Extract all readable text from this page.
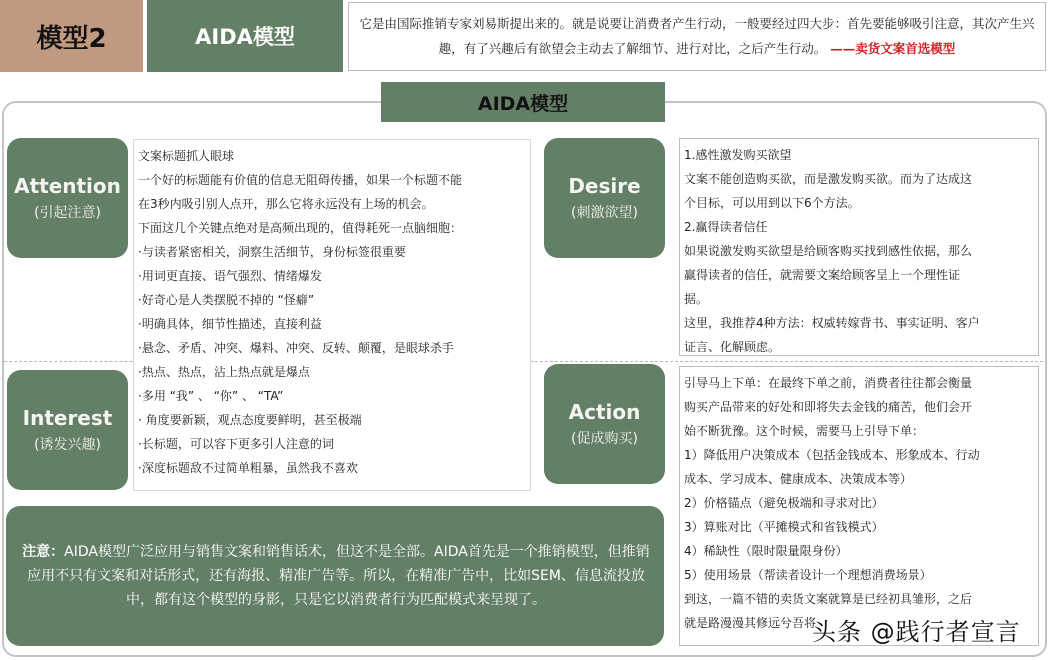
模型2	AIDA模型
它是由国际推销专家刘易斯提出来的。就是说要让消费者产生行动，一般要经过四大步：首先要能够吸引注意，其次产生兴趣，有了兴趣后有欲望会主动去了解细节、进行对比，之后产生行动。 ——卖货文案首选模型
AIDA模型
Attention
(引起注意)
Interest
(诱发兴趣)
文案标题抓人眼球
一个好的标题能有价值的信息无阻碍传播，如果一个标题不能
在3秒内吸引别人点开，那么它将永远没有上场的机会。
下面这几个关键点绝对是高频出现的，值得耗死一点脑细胞：
·与读者紧密相关，洞察生活细节，身份标签很重要
·用词更直接、语气强烈、情绪爆发
·好奇心是人类摆脱不掉的 “怪癖”
·明确具体，细节性描述，直接利益
·悬念、矛盾、冲突、爆料、冲突、反转、颠覆，是眼球杀手
·热点、热点，沾上热点就是爆点
·多用 “我” 、 “你” 、 “TA”
· 角度要新颖，观点态度要鲜明，甚至极端
·长标题，可以容下更多引人注意的词
·深度标题敌不过简单粗暴，虽然我不喜欢
Desire
(刺激欲望)
1.感性激发购买欲望
文案不能创造购买欲，而是激发购买欲。而为了达成这
个目标，可以用到以下6个方法。
2.赢得读者信任
如果说激发购买欲望是给顾客购买找到感性依据，那么
赢得读者的信任，就需要文案给顾客呈上一个理性证
据。
这里，我推荐4种方法：权威转嫁背书、事实证明、客户
证言、化解顾虑。
Action
(促成购买)
引导马上下单：在最终下单之前，消费者往往都会衡量
购买产品带来的好处和即将失去金钱的痛苦，他们会开
始不断犹豫。这个时候，需要马上引导下单：
1）降低用户决策成本（包括金钱成本、形象成本、行动
成本、学习成本、健康成本、决策成本等）
2）价格锚点（避免极端和寻求对比）
3）算账对比（平摊模式和省钱模式）
4）稀缺性（限时限量限身份）
5）使用场景（帮读者设计一个理想消费场景）
到这，一篇不错的卖货文案就算是已经初具雏形，之后
就是路漫漫其修远兮吾将
注意：AIDA模型广泛应用与销售文案和销售话术，但这不是全部。AIDA首先是一个推销模型，但推销应用不只有文案和对话形式，还有海报、精准广告等。所以，在精准广告中，比如SEM、信息流投放中，都有这个模型的身影，只是它以消费者行为匹配模式来呈现了。
头条 @践行者宣言
